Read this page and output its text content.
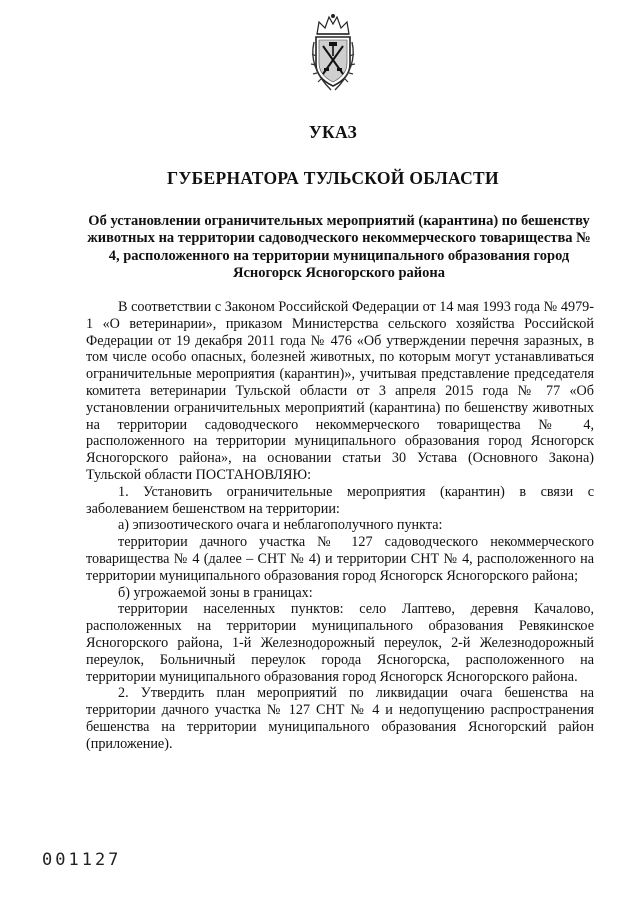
УКАЗ
ГУБЕРНАТОРА ТУЛЬСКОЙ ОБЛАСТИ
Об установлении ограничительных мероприятий (карантина) по бешенству животных на территории садоводческого некоммерческого товарищества № 4, расположенного на территории муниципального образования город Ясногорск Ясногорского района

В соответствии с Законом Российской Федерации от 14 мая 1993 года № 4979-1 «О ветеринарии», приказом Министерства сельского хозяйства Российской Федерации от 19 декабря 2011 года № 476 «Об утверждении перечня заразных, в том числе особо опасных, болезней животных, по которым могут устанавливаться ограничительные мероприятия (карантин)», учитывая представление председателя комитета ветеринарии Тульской области от 3 апреля 2015 года № 77 «Об установлении ограничительных мероприятий (карантина) по бешенству животных на территории садоводческого некоммерческого товарищества № 4, расположенного на территории муниципального образования город Ясногорск Ясногорского района», на основании статьи 30 Устава (Основного Закона) Тульской области ПОСТАНОВЛЯЮ:

1. Установить ограничительные мероприятия (карантин) в связи с заболеванием бешенством на территории:

а) эпизоотического очага и неблагополучного пункта:

территории дачного участка № 127 садоводческого некоммерческого товарищества № 4 (далее – СНТ № 4) и территории СНТ № 4, расположенного на территории муниципального образования город Ясногорск Ясногорского района;

б) угрожаемой зоны в границах:

территории населенных пунктов: село Лаптево, деревня Качалово, расположенных на территории муниципального образования Ревякинское Ясногорского района, 1-й Железнодорожный переулок, 2-й Железнодорожный переулок, Больничный переулок города Ясногорска, расположенного на территории муниципального образования город Ясногорск Ясногорского района.

2. Утвердить план мероприятий по ликвидации очага бешенства на территории дачного участка № 127 СНТ № 4 и недопущению распространения бешенства на территории муниципального образования Ясногорский район (приложение).

001127
